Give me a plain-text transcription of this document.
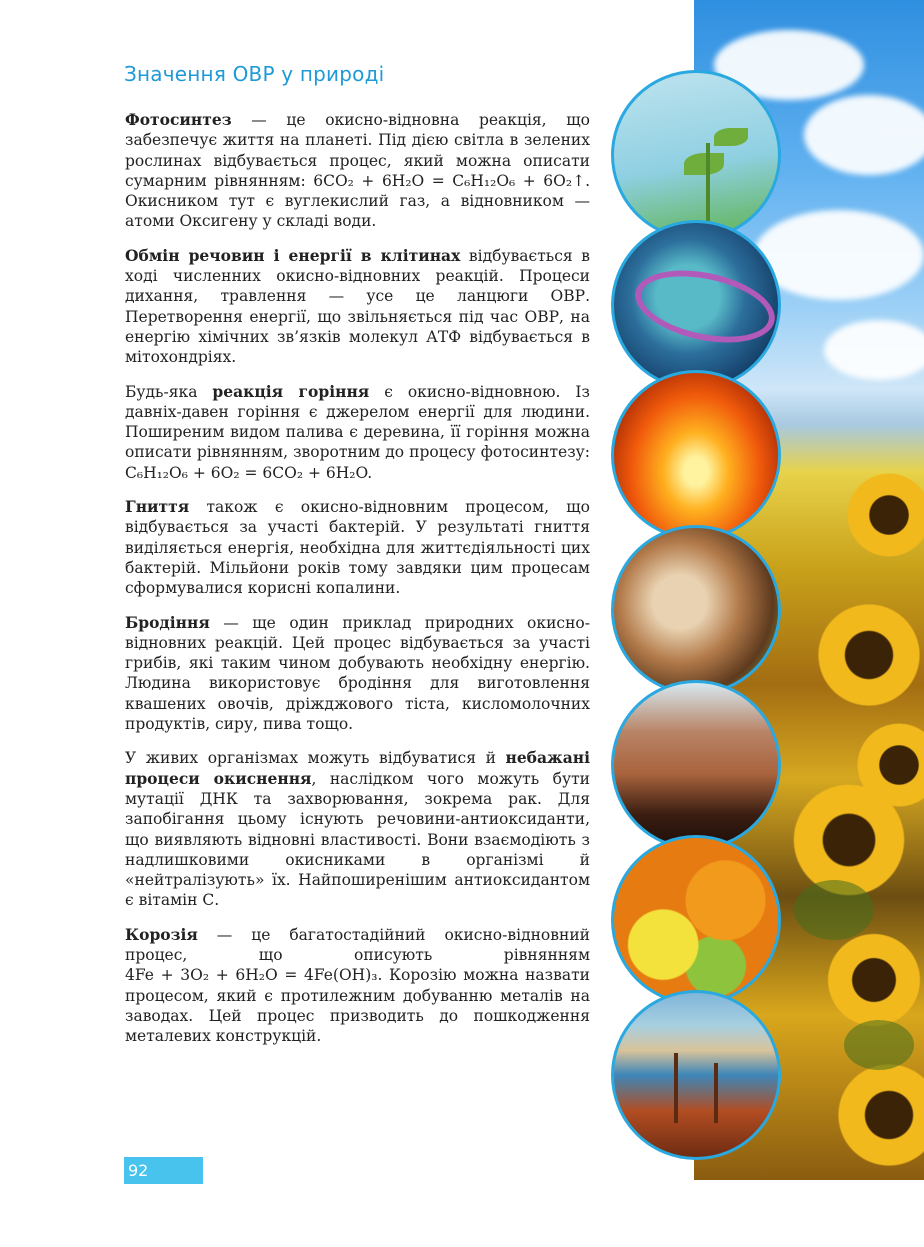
Значення ОВР у природі

Фотосинтез — це окисно-відновна реакція, що забезпечує життя на планеті. Під дією світла в зелених рослинах відбувається процес, який можна описати сумарним рівнянням: 6CO₂ + 6H₂O = C₆H₁₂O₆ + 6O₂↑. Окисником тут є вуглекислий газ, а відновником — атоми Оксигену у складі води.

Обмін речовин і енергії в клітинах відбувається в ході численних окисно-відновних реакцій. Процеси дихання, травлення — усе це ланцюги ОВР. Перетворення енергії, що звільняється під час ОВР, на енергію хімічних зв’язків молекул АТФ відбувається в мітохондріях.

Будь-яка реакція горіння є окисно-відновною. Із давніх-давен горіння є джерелом енергії для людини. Поширеним видом палива є деревина, її горіння можна описати рівнянням, зворотним до процесу фотосинтезу: C₆H₁₂O₆ + 6O₂ = 6CO₂ + 6H₂O.

Гниття також є окисно-відновним процесом, що відбувається за участі бактерій. У результаті гниття виділяється енергія, необхідна для життєдіяльності цих бактерій. Мільйони років тому завдяки цим процесам сформувалися корисні копалини.

Бродіння — ще один приклад природних окисно-відновних реакцій. Цей процес відбувається за участі грибів, які таким чином добувають необхідну енергію. Людина використовує бродіння для виготовлення квашених овочів, дріжджового тіста, кисломолочних продуктів, сиру, пива тощо.

У живих організмах можуть відбуватися й небажані процеси окиснення, наслідком чого можуть бути мутації ДНК та захворювання, зокрема рак. Для запобігання цьому існують речовини-антиоксиданти, що виявляють відновні властивості. Вони взаємодіють з надлишковими окисниками в організмі й «нейтралізують» їх. Найпоширенішим антиоксидантом є вітамін С.

Корозія — це багатостадійний окисно-відновний процес, що описують рівнянням 4Fe + 3O₂ + 6H₂O = 4Fe(OH)₃. Корозію можна назвати процесом, який є протилежним добуванню металів на заводах. Цей процес призводить до пошкодження металевих конструкцій.

92
